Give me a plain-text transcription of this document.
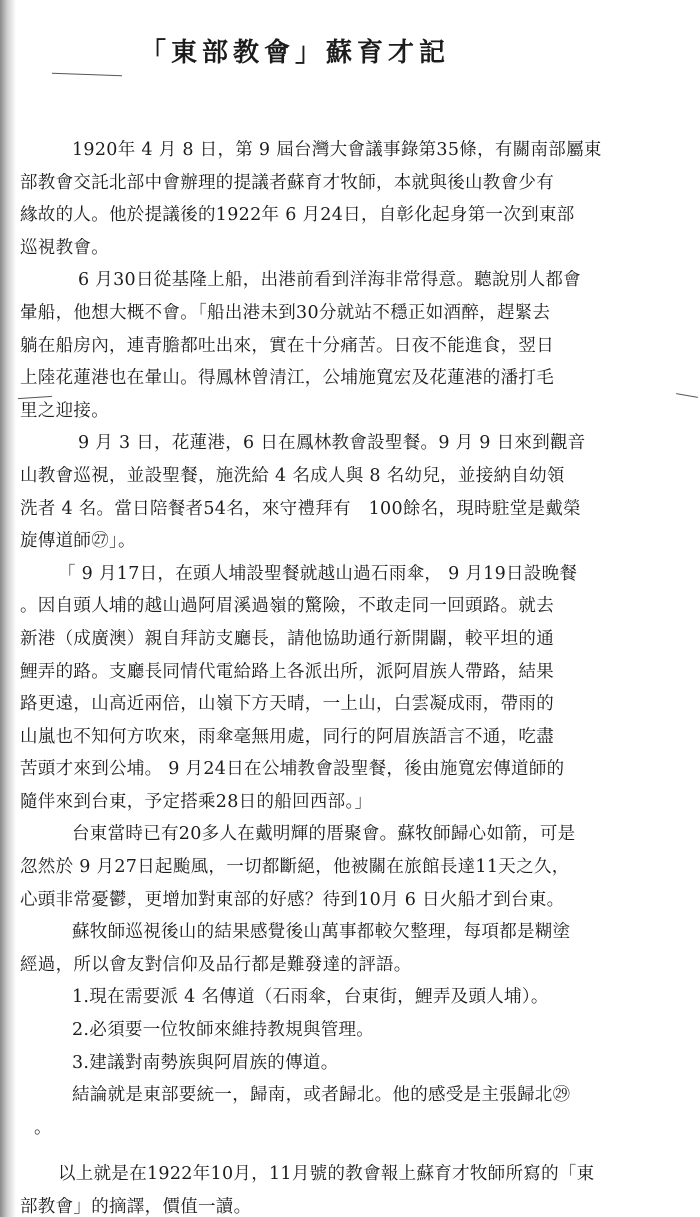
「東部教會」蘇育才記
1920年 4 月 8 日，第 9 屆台灣大會議事錄第35條，有關南部屬東
部教會交託北部中會辦理的提議者蘇育才牧師，本就與後山教會少有
緣故的人。他於提議後的1922年 6 月24日，自彰化起身第一次到東部
巡視教會。
6 月30日從基隆上船，出港前看到洋海非常得意。聽說別人都會
暈船，他想大概不會。「船出港未到30分就站不穩正如酒醉，趕緊去
躺在船房內，連青膽都吐出來，實在十分痛苦。日夜不能進食，翌日
上陸花蓮港也在暈山。得鳳林曾清江，公埔施寬宏及花蓮港的潘打毛
里之迎接。
9 月 3 日，花蓮港，6 日在鳳林教會設聖餐。9 月 9 日來到觀音
山教會巡視，並設聖餐，施洗給 4 名成人與 8 名幼兒，並接納自幼領
洗者 4 名。當日陪餐者54名，來守禮拜有　100餘名，現時駐堂是戴榮
旋傳道師㉗」。
「 9 月17日，在頭人埔設聖餐就越山過石雨傘， 9 月19日設晚餐
。因自頭人埔的越山過阿眉溪過嶺的驚險，不敢走同一回頭路。就去
新港（成廣澳）親自拜訪支廳長，請他協助通行新開闢，較平坦的通
鯉弄的路。支廳長同情代電給路上各派出所，派阿眉族人帶路，結果
路更遠，山高近兩倍，山嶺下方天晴，一上山，白雲凝成雨，帶雨的
山嵐也不知何方吹來，雨傘毫無用處，同行的阿眉族語言不通，吃盡
苦頭才來到公埔。 9 月24日在公埔教會設聖餐，後由施寬宏傳道師的
隨伴來到台東，予定搭乘28日的船回西部。」
台東當時已有20多人在戴明輝的厝聚會。蘇牧師歸心如箭，可是
忽然於 9 月27日起颱風，一切都斷絕，他被關在旅館長達11天之久，
心頭非常憂鬱，更增加對東部的好感？待到10月 6 日火船才到台東。
蘇牧師巡視後山的結果感覺後山萬事都較欠整理，每項都是糊塗
經過，所以會友對信仰及品行都是難發達的評語。
1.現在需要派 4 名傳道（石雨傘，台東街，鯉弄及頭人埔）。
2.必須要一位牧師來維持教規與管理。
3.建議對南勢族與阿眉族的傳道。
結論就是東部要統一，歸南，或者歸北。他的感受是主張歸北㉙
。
以上就是在1922年10月，11月號的教會報上蘇育才牧師所寫的「東
部教會」的摘譯，價值一讀。
